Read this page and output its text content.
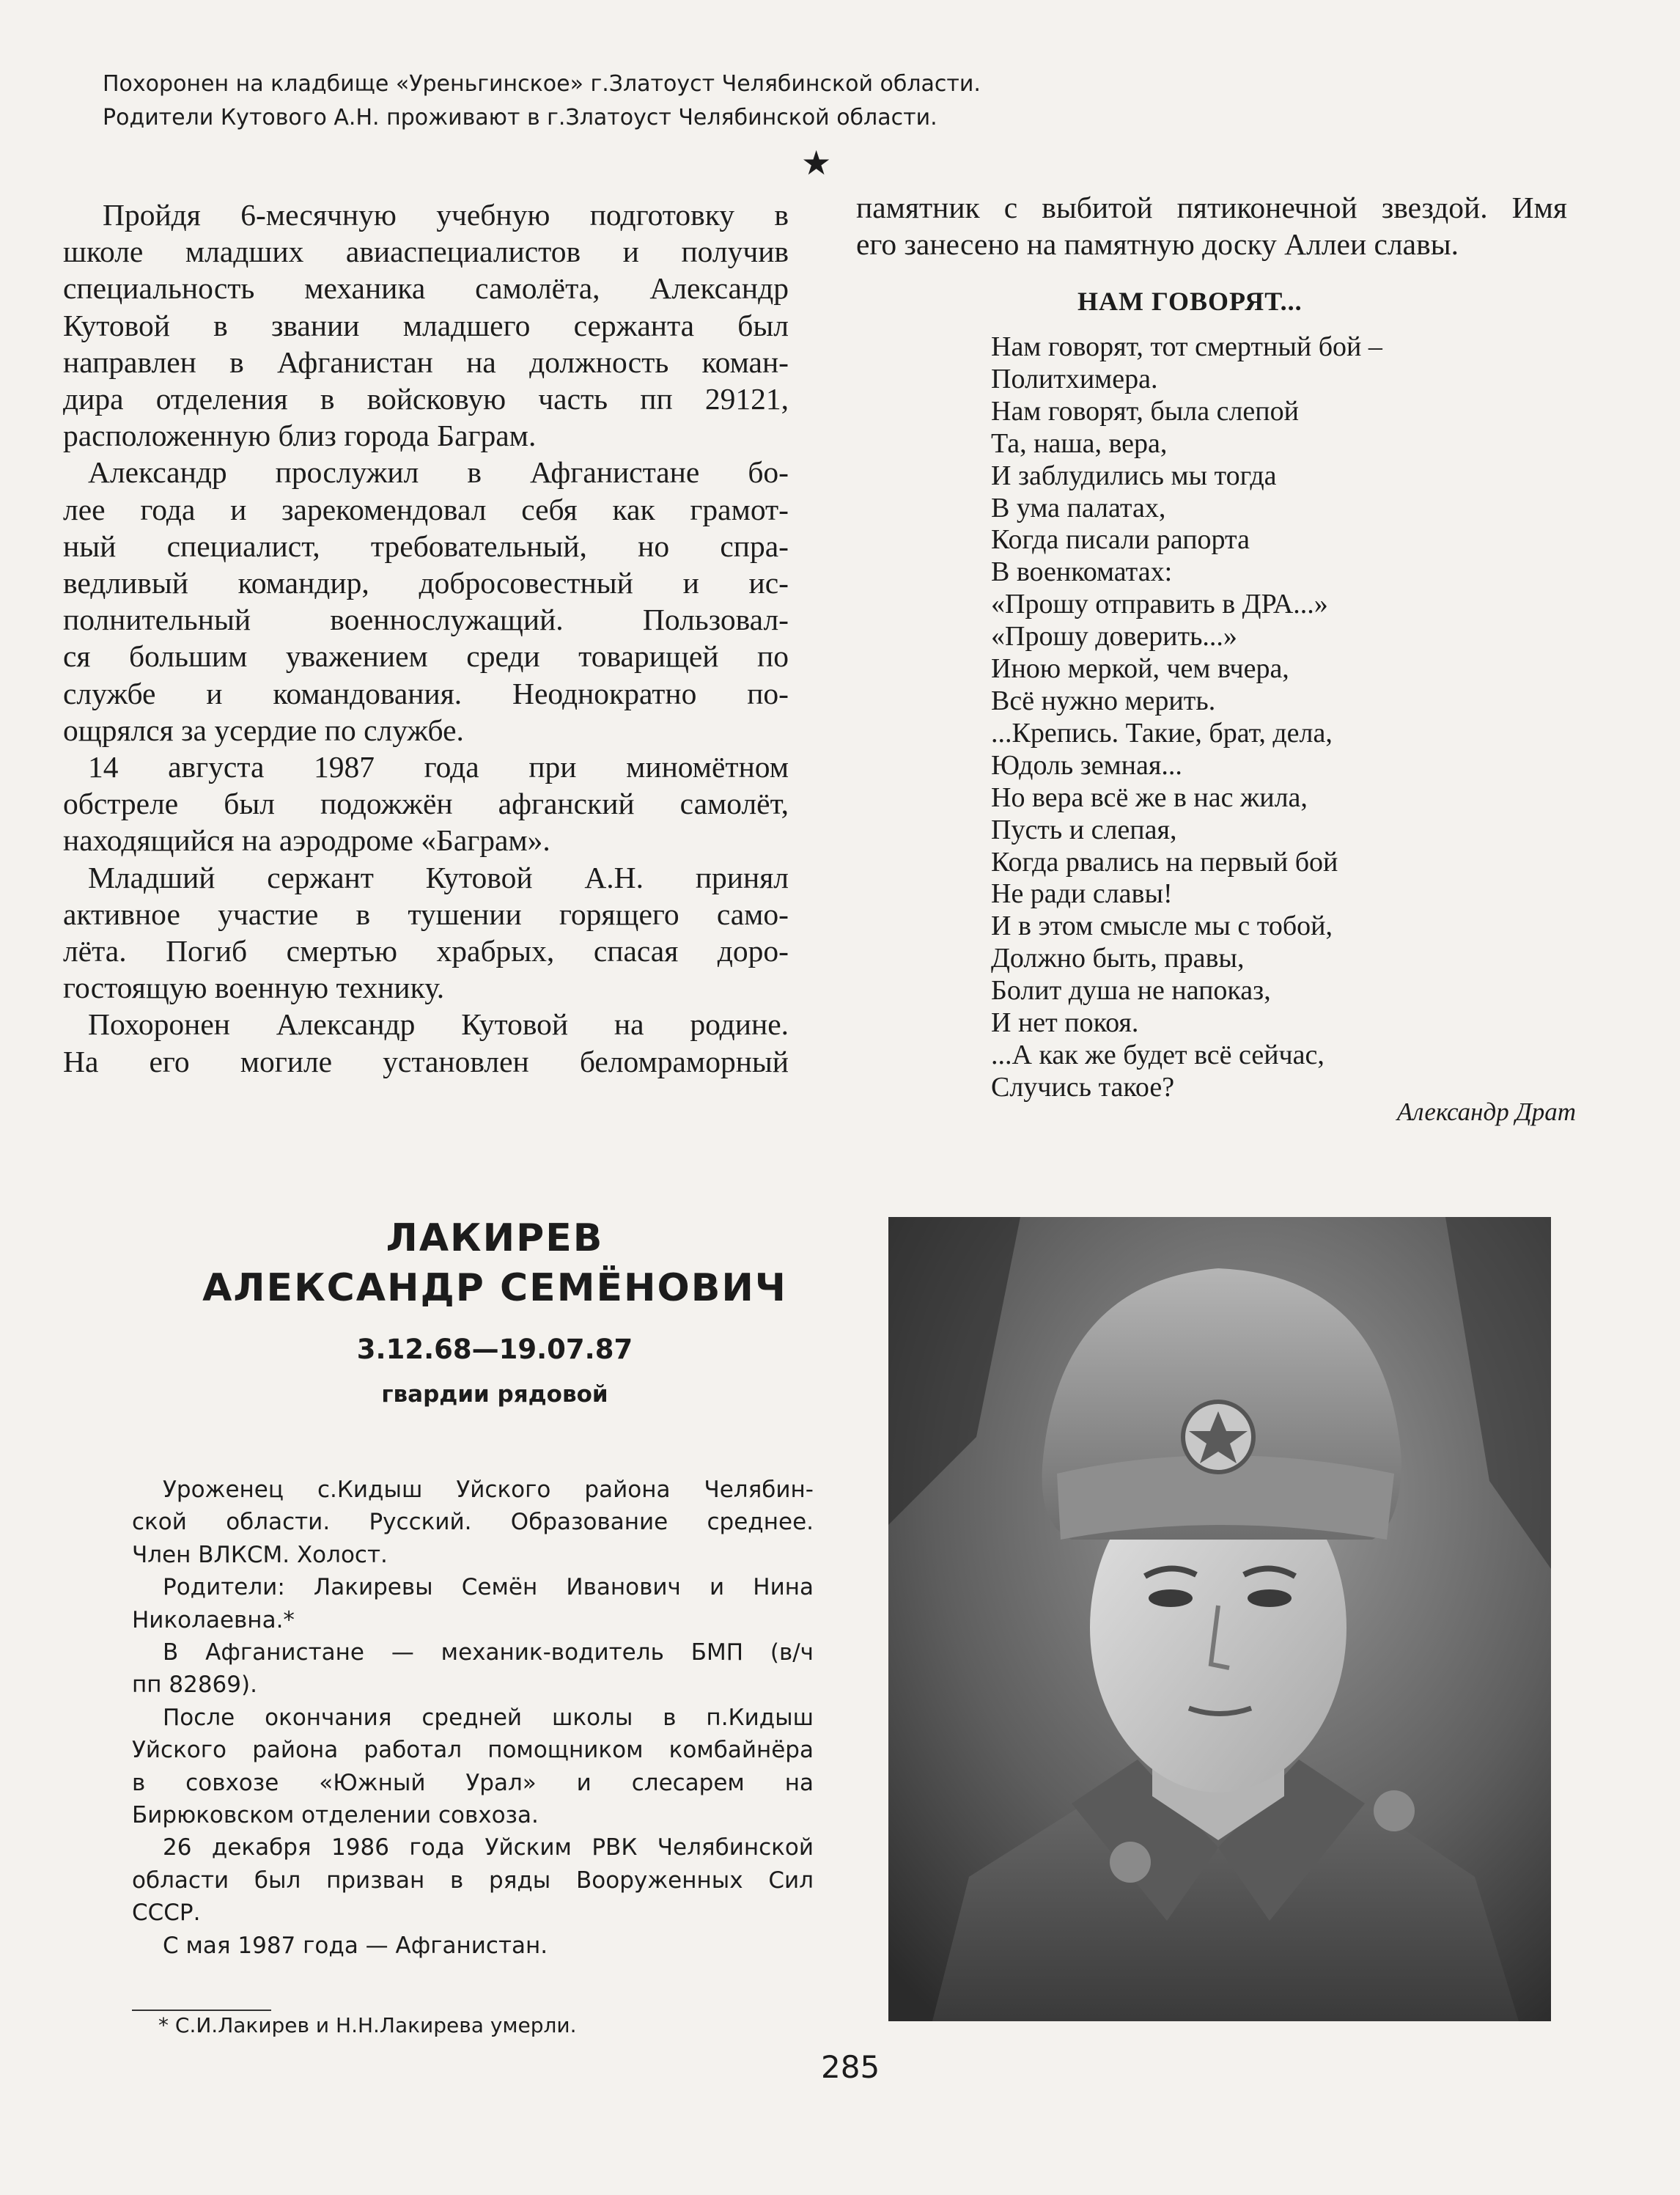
Похоронен на кладбище «Уреньгинское» г.Златоуст Челябинской области.
Родители Кутового А.Н. проживают в г.Златоуст Челябинской области.
★
Пройдя 6-месячную учебную подготовку в
школе младших авиаспециалистов и получив
специальность механика самолёта, Александр
Кутовой в звании младшего сержанта был
направлен в Афганистан на должность коман-
дира отделения в войсковую часть пп 29121,
расположенную близ города Баграм.
Александр прослужил в Афганистане бо-
лее года и зарекомендовал себя как грамот-
ный специалист, требовательный, но спра-
ведливый командир, добросовестный и ис-
полнительный военнослужащий. Пользовал-
ся большим уважением среди товарищей по
службе и командования. Неоднократно по-
ощрялся за усердие по службе.
14 августа 1987 года при миномётном
обстреле был подожжён афганский самолёт,
находящийся на аэродроме «Баграм».
Младший сержант Кутовой А.Н. принял
активное участие в тушении горящего само-
лёта. Погиб смертью храбрых, спасая доро-
гостоящую военную технику.
Похоронен Александр Кутовой на родине.
На его могиле установлен беломраморный
памятник с выбитой пятиконечной звездой. Имя
его занесено на памятную доску Аллеи славы.
НАМ ГОВОРЯТ...
Нам говорят, тот смертный бой –
Политхимера.
Нам говорят, была слепой
Та, наша, вера,
И заблудились мы тогда
В ума палатах,
Когда писали рапорта
В военкоматах:
«Прошу отправить в ДРА...»
«Прошу доверить...»
Иною меркой, чем вчера,
Всё нужно мерить.
...Крепись. Такие, брат, дела,
Юдоль земная...
Но вера всё же в нас жила,
Пусть и слепая,
Когда рвались на первый бой
Не ради славы!
И в этом смысле мы с тобой,
Должно быть, правы,
Болит душа не напоказ,
И нет покоя.
...А как же будет всё сейчас,
Случись такое?
Александр Драт
ЛАКИРЕВ
АЛЕКСАНДР СЕМЁНОВИЧ
3.12.68—19.07.87
гвардии рядовой
Уроженец с.Кидыш Уйского района Челябин-
ской области. Русский. Образование среднее.
Член ВЛКСМ. Холост.
Родители: Лакиревы Семён Иванович и Нина
Николаевна.*
В Афганистане — механик-водитель БМП (в/ч
пп 82869).
После окончания средней школы в п.Кидыш
Уйского района работал помощником комбайнёра
в совхозе «Южный Урал» и слесарем на
Бирюковском отделении совхоза.
26 декабря 1986 года Уйским РВК Челябинской
области был призван в ряды Вооруженных Сил
СССР.
С мая 1987 года — Афганистан.
* С.И.Лакирев и Н.Н.Лакирева умерли.
285
